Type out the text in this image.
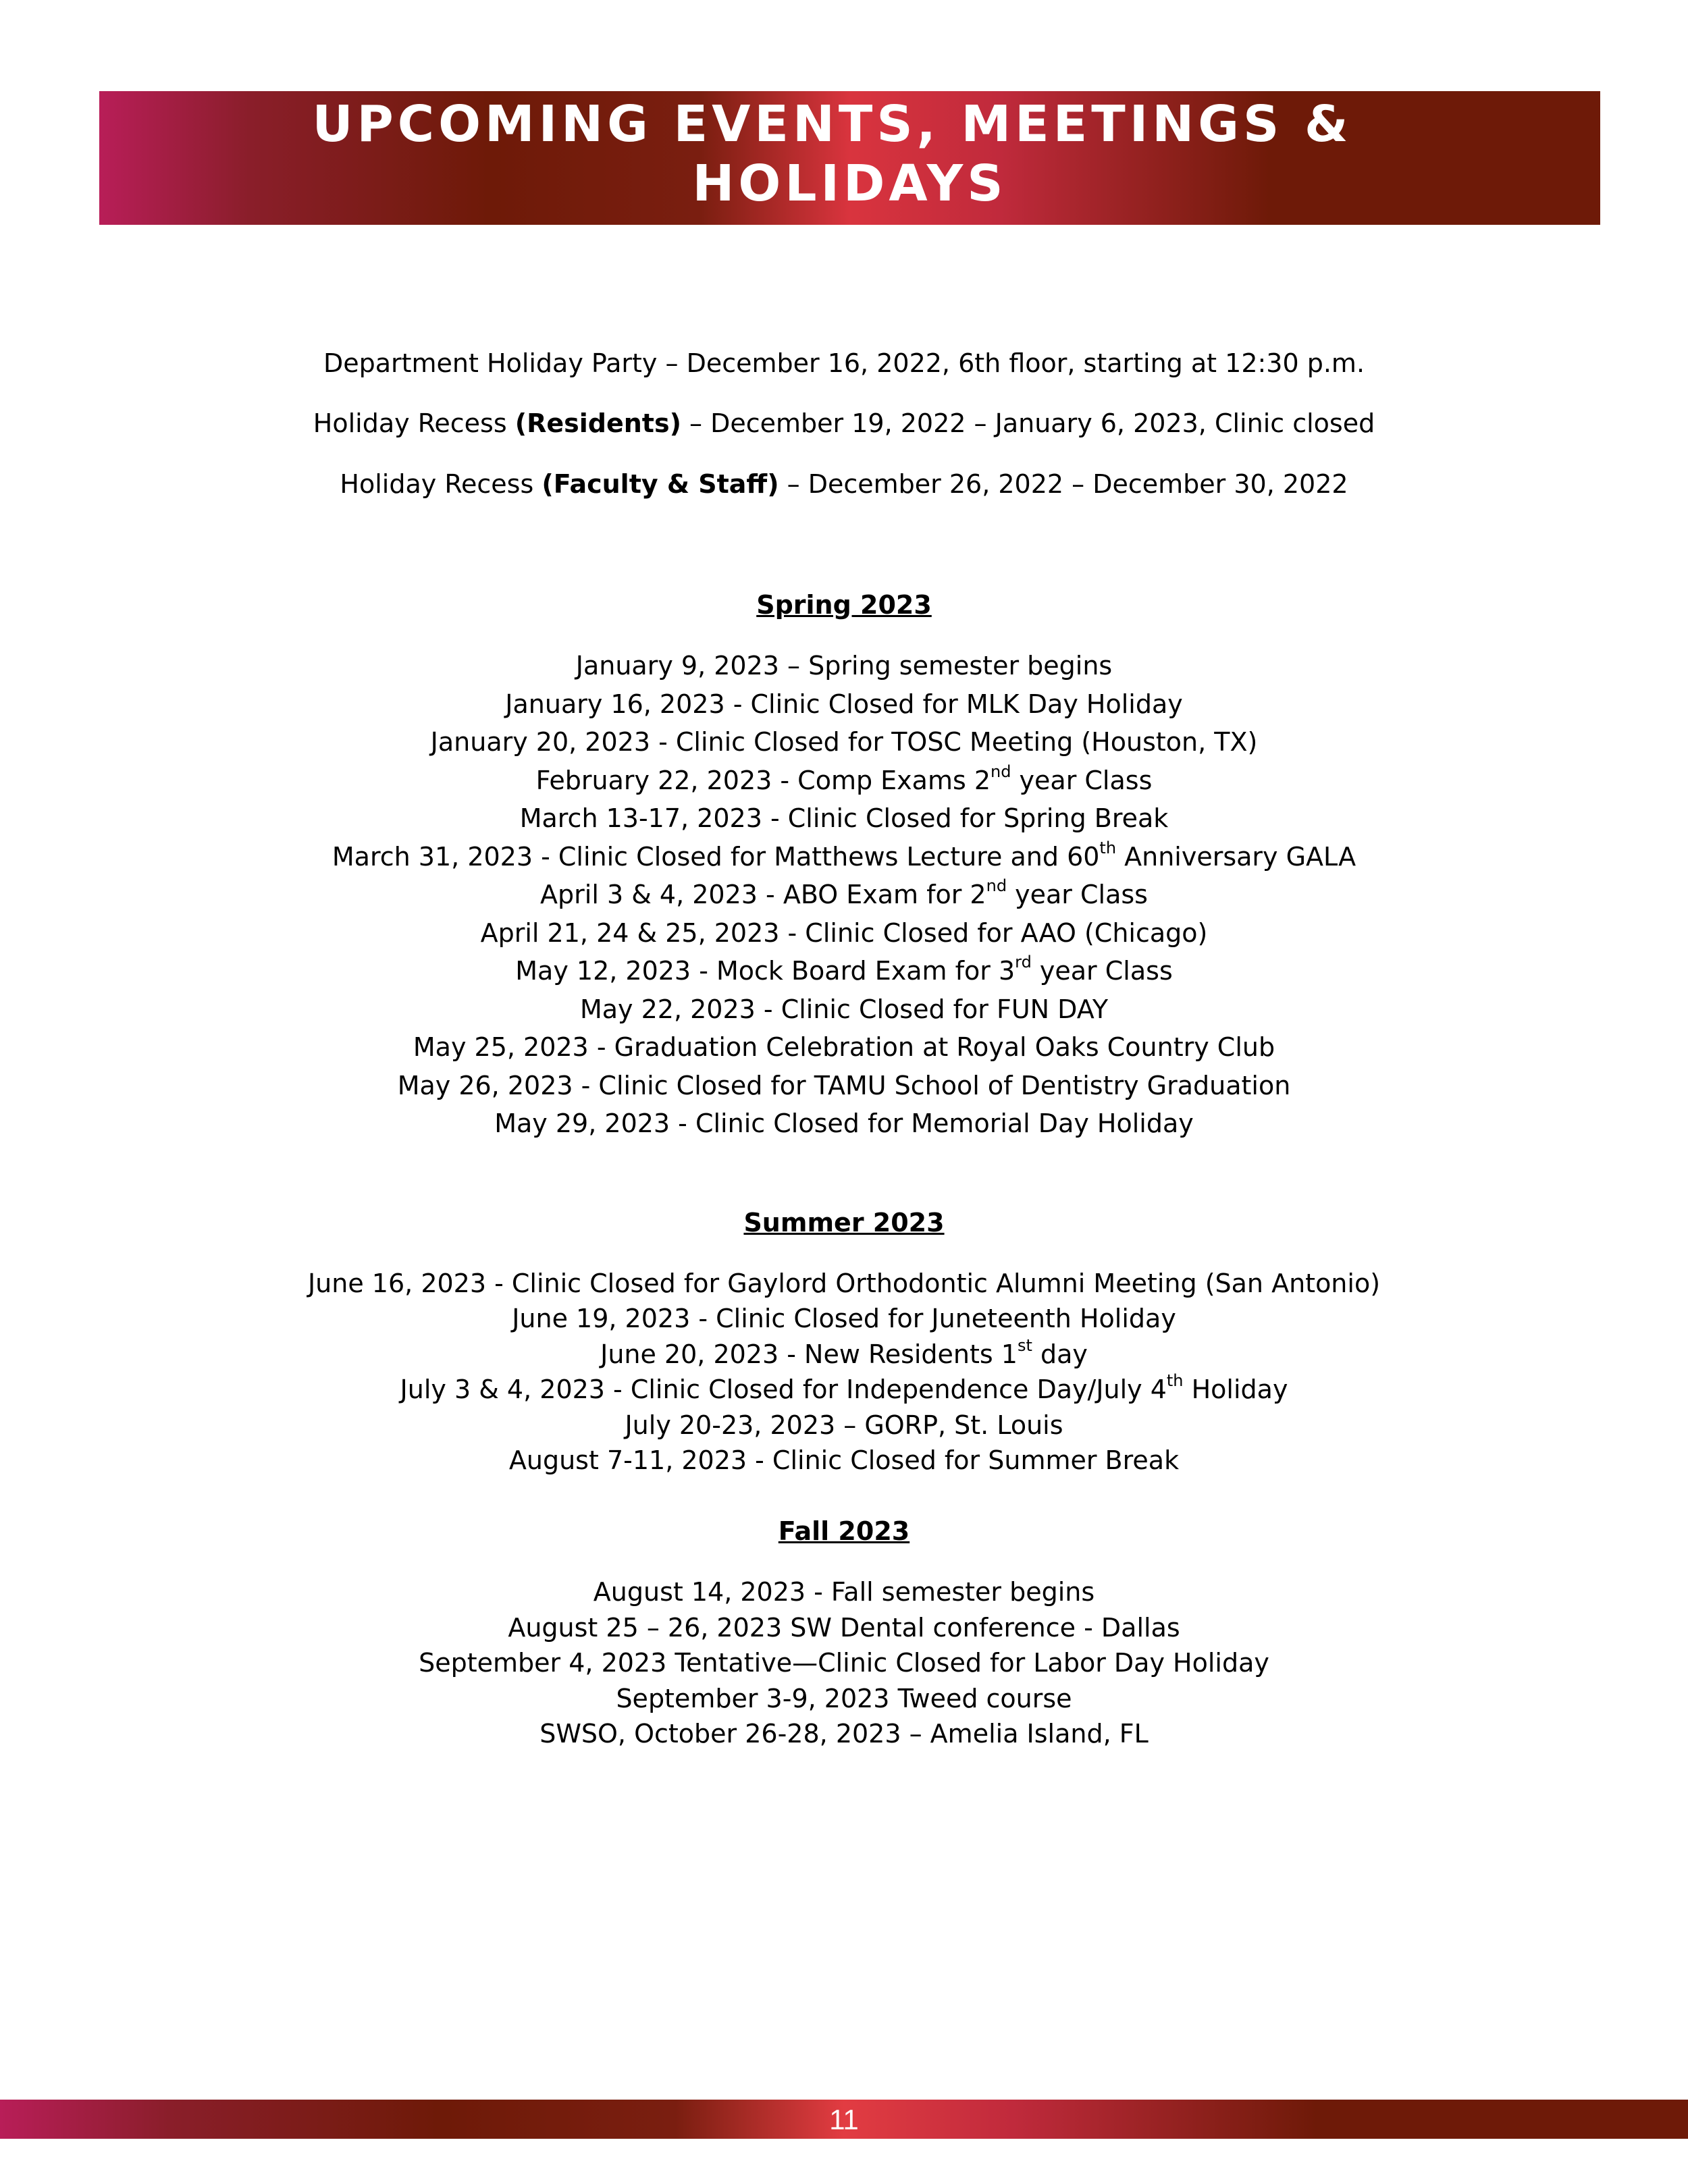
UPCOMING EVENTS, MEETINGS &
HOLIDAYS
Department Holiday Party – December 16, 2022, 6th floor, starting at 12:30 p.m.
Holiday Recess (Residents) – December 19, 2022 – January 6, 2023, Clinic closed
Holiday Recess (Faculty & Staff) – December 26, 2022 – December 30, 2022
Spring 2023
January 9, 2023 – Spring semester begins
January 16, 2023 - Clinic Closed for MLK Day Holiday
January 20, 2023 - Clinic Closed for TOSC Meeting (Houston, TX)
February 22, 2023 - Comp Exams 2nd year Class
March 13-17, 2023 - Clinic Closed for Spring Break
March 31, 2023 - Clinic Closed for Matthews Lecture and 60th Anniversary GALA
April 3 & 4, 2023 - ABO Exam for 2nd year Class
April 21, 24 & 25, 2023 - Clinic Closed for AAO (Chicago)
May 12, 2023 - Mock Board Exam for 3rd year Class
May 22, 2023 - Clinic Closed for FUN DAY
May 25, 2023 - Graduation Celebration at Royal Oaks Country Club
May 26, 2023 - Clinic Closed for TAMU School of Dentistry Graduation
May 29, 2023 - Clinic Closed for Memorial Day Holiday
Summer 2023
June 16, 2023 - Clinic Closed for Gaylord Orthodontic Alumni Meeting (San Antonio)
June 19, 2023 - Clinic Closed for Juneteenth Holiday
June 20, 2023 - New Residents 1st day
July 3 & 4, 2023 - Clinic Closed for Independence Day/July 4th Holiday
July 20-23, 2023 – GORP, St. Louis
August 7-11, 2023 - Clinic Closed for Summer Break
Fall 2023
August 14, 2023 - Fall semester begins
August 25 – 26, 2023 SW Dental conference - Dallas
September 4, 2023 Tentative—Clinic Closed for Labor Day Holiday
September 3-9, 2023 Tweed course
SWSO, October 26-28, 2023 – Amelia Island, FL
11
